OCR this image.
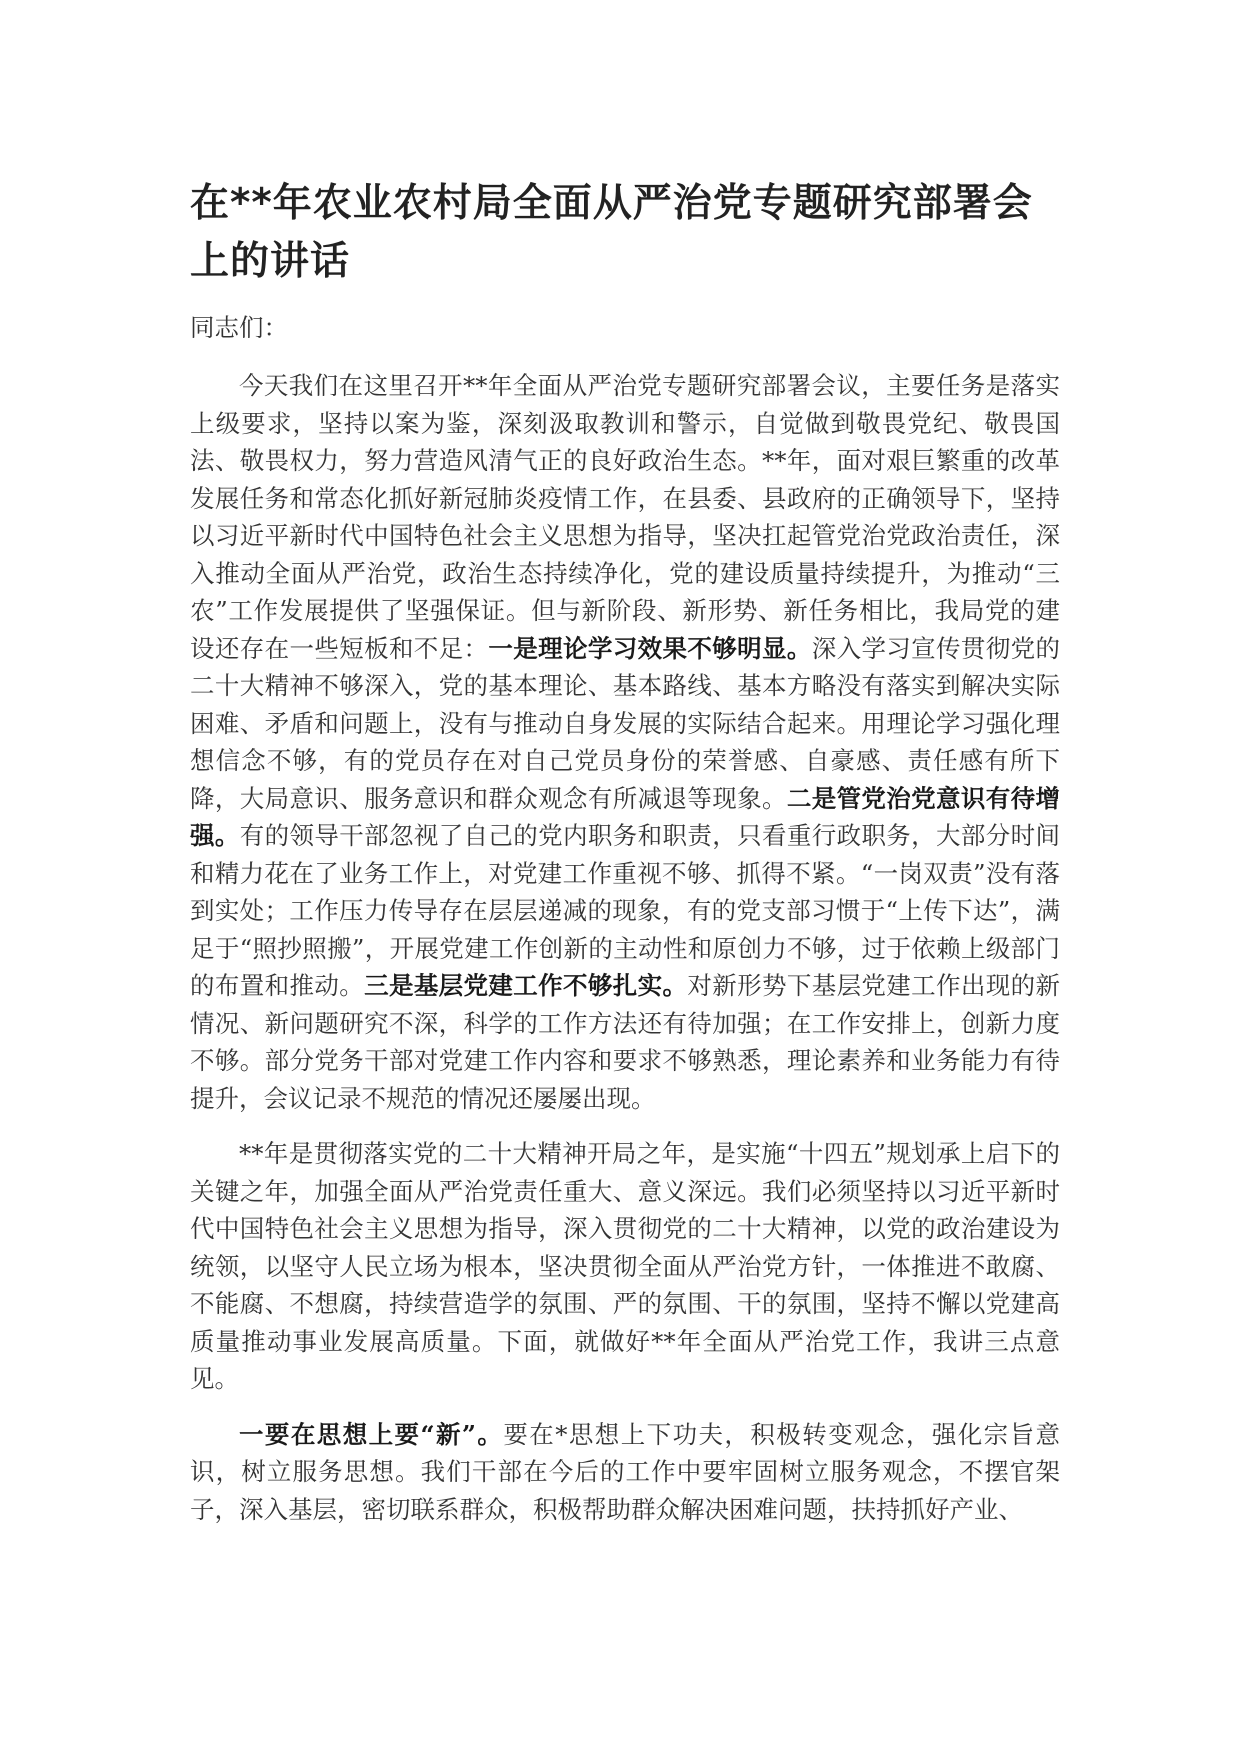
在**年农业农村局全面从严治党专题研究部署会上的讲话

同志们：

今天我们在这里召开**年全面从严治党专题研究部署会议，主要任务是落实上级要求，坚持以案为鉴，深刻汲取教训和警示，自觉做到敬畏党纪、敬畏国法、敬畏权力，努力营造风清气正的良好政治生态。**年，面对艰巨繁重的改革发展任务和常态化抓好新冠肺炎疫情工作，在县委、县政府的正确领导下，坚持以习近平新时代中国特色社会主义思想为指导，坚决扛起管党治党政治责任，深入推动全面从严治党，政治生态持续净化，党的建设质量持续提升，为推动“三农”工作发展提供了坚强保证。但与新阶段、新形势、新任务相比，我局党的建设还存在一些短板和不足：一是理论学习效果不够明显。深入学习宣传贯彻党的二十大精神不够深入，党的基本理论、基本路线、基本方略没有落实到解决实际困难、矛盾和问题上，没有与推动自身发展的实际结合起来。用理论学习强化理想信念不够，有的党员存在对自己党员身份的荣誉感、自豪感、责任感有所下降，大局意识、服务意识和群众观念有所减退等现象。二是管党治党意识有待增强。有的领导干部忽视了自己的党内职务和职责，只看重行政职务，大部分时间和精力花在了业务工作上，对党建工作重视不够、抓得不紧。“一岗双责”没有落到实处；工作压力传导存在层层递减的现象，有的党支部习惯于“上传下达”，满足于“照抄照搬”，开展党建工作创新的主动性和原创力不够，过于依赖上级部门的布置和推动。三是基层党建工作不够扎实。对新形势下基层党建工作出现的新情况、新问题研究不深，科学的工作方法还有待加强；在工作安排上，创新力度不够。部分党务干部对党建工作内容和要求不够熟悉，理论素养和业务能力有待提升，会议记录不规范的情况还屡屡出现。

**年是贯彻落实党的二十大精神开局之年，是实施“十四五”规划承上启下的关键之年，加强全面从严治党责任重大、意义深远。我们必须坚持以习近平新时代中国特色社会主义思想为指导，深入贯彻党的二十大精神，以党的政治建设为统领，以坚守人民立场为根本，坚决贯彻全面从严治党方针，一体推进不敢腐、不能腐、不想腐，持续营造学的氛围、严的氛围、干的氛围，坚持不懈以党建高质量推动事业发展高质量。下面，就做好**年全面从严治党工作，我讲三点意见。

一要在思想上要“新”。要在*思想上下功夫，积极转变观念，强化宗旨意识，树立服务思想。我们干部在今后的工作中要牢固树立服务观念，不摆官架子，深入基层，密切联系群众，积极帮助群众解决困难问题，扶持抓好产业、
